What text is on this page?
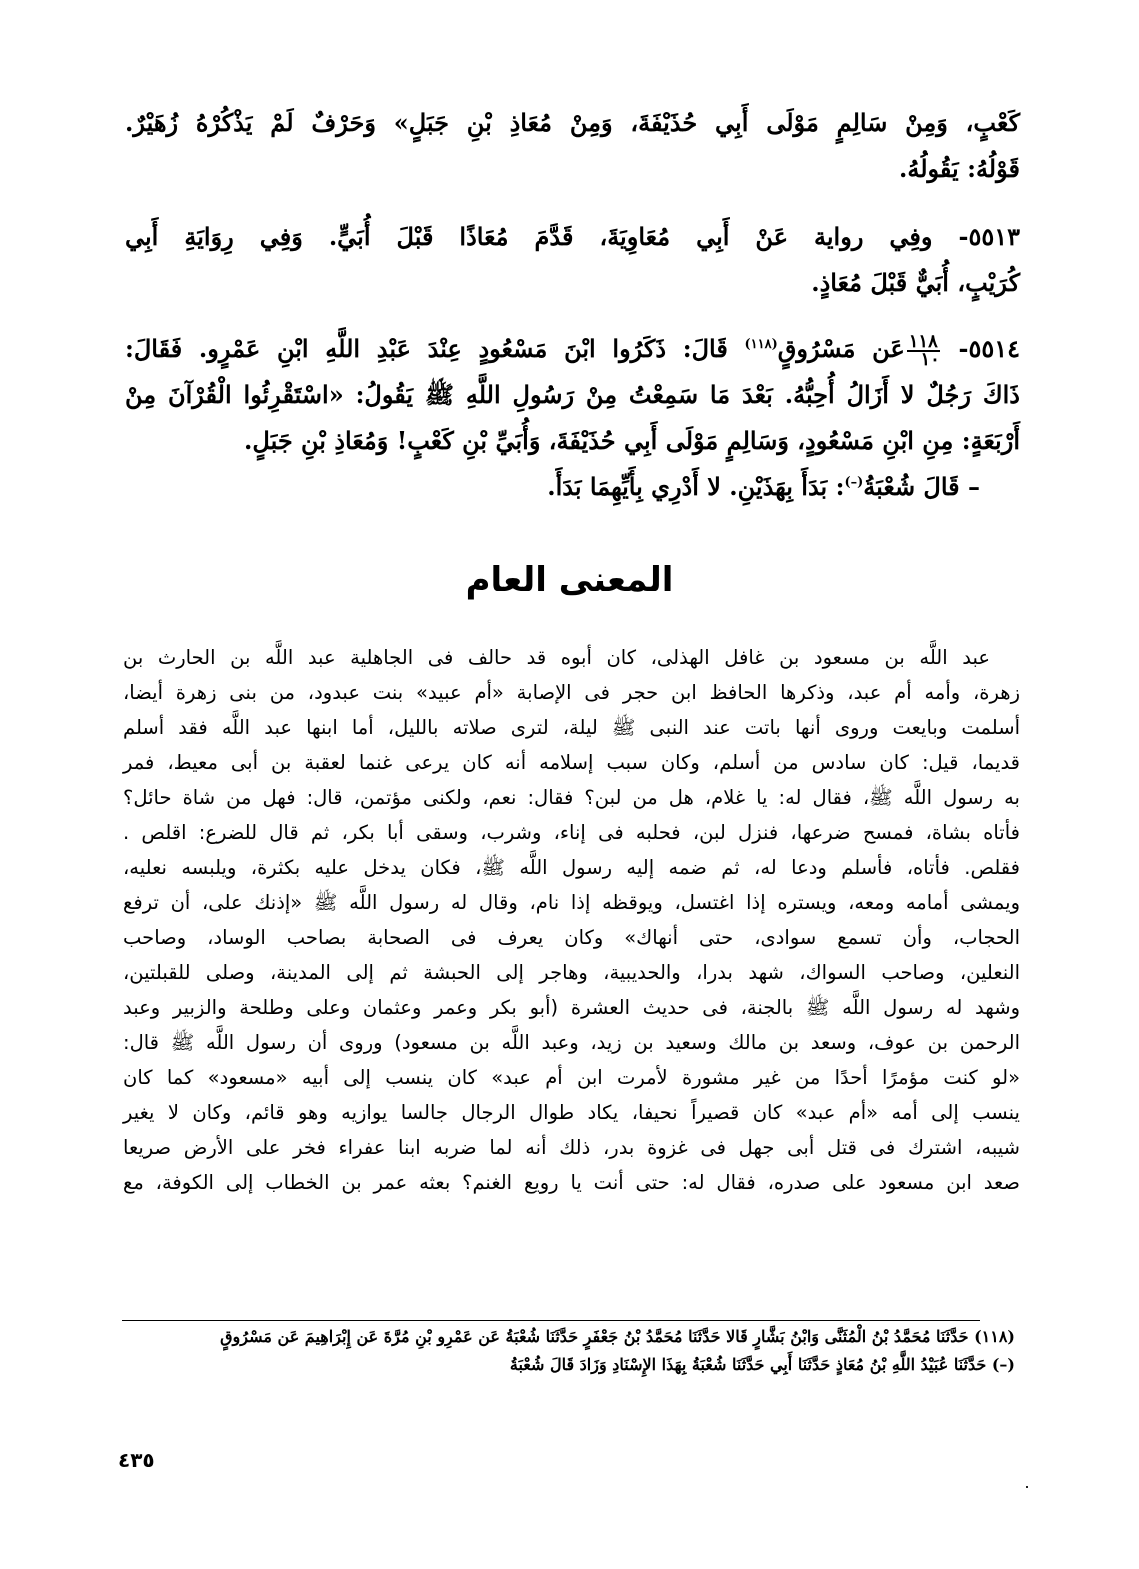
كَعْبٍ، وَمِنْ سَالِمٍ مَوْلَى أَبِي حُذَيْفَةَ، وَمِنْ مُعَاذِ بْنِ جَبَلٍ» وَحَرْفٌ لَمْ يَذْكُرْهُ زُهَيْرٌ.
قَوْلُهُ: يَقُولُهُ.
٥٥١٣- وفِي رواية عَنْ أَبِي مُعَاوِيَةَ، قَدَّمَ مُعَاذًا قَبْلَ أُبَيٍّ. وَفِي رِوَايَةِ أَبِي
كُرَيْبٍ، أُبَيٌّ قَبْلَ مُعَاذٍ.
٥٥١٤-
$\frac{١١٨}{١٠}$
عَن مَسْرُوقٍ$^{(١١٨)}$ قَالَ: ذَكَرُوا ابْنَ مَسْعُودٍ عِنْدَ عَبْدِ اللَّهِ ابْنِ عَمْرٍو. فَقَالَ:
ذَاكَ رَجُلٌ لا أَزَالُ أُحِبُّهُ. بَعْدَ مَا سَمِعْتُ مِنْ رَسُولِ اللَّهِ ﷺ يَقُولُ: «اسْتَقْرِئُوا الْقُرْآنَ مِنْ
أَرْبَعَةٍ: مِنِ ابْنِ مَسْعُودٍ، وَسَالِمٍ مَوْلَى أَبِي حُذَيْفَةَ، وَأُبَيِّ بْنِ كَعْبٍ! وَمُعَاذِ بْنِ جَبَلٍ.
– قَالَ شُعْبَةُ(–): بَدَأَ بِهَذَيْنِ. لا أَدْرِي بِأَيِّهِمَا بَدَأَ.
المعنى العام
عبد اللَّه بن مسعود بن غافل الهذلى، كان أبوه قد حالف فى الجاهلية عبد اللَّه بن الحارث بن
زهرة، وأمه أم عبد، وذكرها الحافظ ابن حجر فى الإصابة «أم عبيد» بنت عبدود، من بنى زهرة أيضا،
أسلمت وبايعت وروى أنها باتت عند النبى ﷺ ليلة، لترى صلاته بالليل، أما ابنها عبد اللَّه فقد أسلم
قديما، قيل: كان سادس من أسلم، وكان سبب إسلامه أنه كان يرعى غنما لعقبة بن أبى معيط، فمر
به رسول اللَّه ﷺ، فقال له: يا غلام، هل من لبن؟ فقال: نعم، ولكنى مؤتمن، قال: فهل من شاة حائل؟
فأتاه بشاة، فمسح ضرعها، فنزل لبن، فحلبه فى إناء، وشرب، وسقى أبا بكر، ثم قال للضرع: اقلص .
فقلص. فأتاه، فأسلم ودعا له، ثم ضمه إليه رسول اللَّه ﷺ، فكان يدخل عليه بكثرة، ويلبسه نعليه،
ويمشى أمامه ومعه، ويستره إذا اغتسل، ويوقظه إذا نام، وقال له رسول اللَّه ﷺ «إذنك على، أن ترفع
الحجاب، وأن تسمع سوادى، حتى أنهاك» وكان يعرف فى الصحابة بصاحب الوساد، وصاحب
النعلين، وصاحب السواك، شهد بدرا، والحديبية، وهاجر إلى الحبشة ثم إلى المدينة، وصلى للقبلتين،
وشهد له رسول اللَّه ﷺ بالجنة، فى حديث العشرة (أبو بكر وعمر وعثمان وعلى وطلحة والزبير وعبد
الرحمن بن عوف، وسعد بن مالك وسعيد بن زيد، وعبد اللَّه بن مسعود) وروى أن رسول اللَّه ﷺ قال:
«لو كنت مؤمرًا أحدًا من غير مشورة لأمرت ابن أم عبد» كان ينسب إلى أبيه «مسعود» كما كان
ينسب إلى أمه «أم عبد» كان قصيراً نحيفا، يكاد طوال الرجال جالسا يوازيه وهو قائم، وكان لا يغير
شيبه، اشترك فى قتل أبى جهل فى غزوة بدر، ذلك أنه لما ضربه ابنا عفراء فخر على الأرض صريعا
صعد ابن مسعود على صدره، فقال له: حتى أنت يا رويع الغنم؟ بعثه عمر بن الخطاب إلى الكوفة، مع
(١١٨) حَدَّثَنَا مُحَمَّدُ بْنُ الْمُثَنَّى وَابْنُ بَشَّارٍ قَالا حَدَّثَنَا مُحَمَّدُ بْنُ جَعْفَرٍ حَدَّثَنَا شُعْبَةُ عَن عَمْرِو بْنِ مُرَّةَ عَن إِبْرَاهِيمَ عَن مَسْرُوقٍ
(–) حَدَّثَنَا عُبَيْدُ اللَّهِ بْنُ مُعَاذٍ حَدَّثَنَا أَبِي حَدَّثَنَا شُعْبَةُ بِهَذَا الإِسْنَادِ وَزَادَ قَالَ شُعْبَةُ
٤٣٥
